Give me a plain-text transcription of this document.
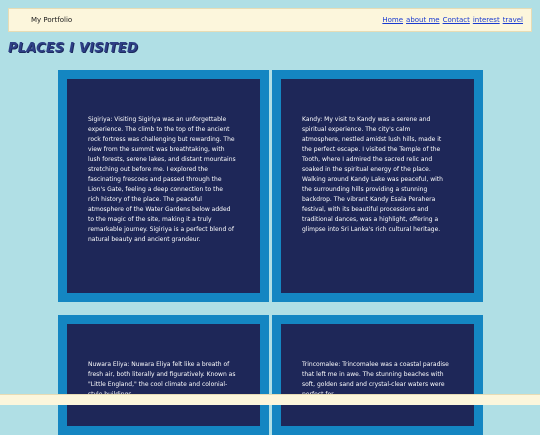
My Portfolio	Home about me Contact interest travel
PLACES I VISITED

Sigiriya: Visiting Sigiriya was an unforgettable experience. The climb to the top of the ancient rock fortress was challenging but rewarding. The view from the summit was breathtaking, with lush forests, serene lakes, and distant mountains stretching out before me. I explored the fascinating frescoes and passed through the Lion's Gate, feeling a deep connection to the rich history of the place. The peaceful atmosphere of the Water Gardens below added to the magic of the site, making it a truly remarkable journey. Sigiriya is a perfect blend of natural beauty and ancient grandeur.

Kandy: My visit to Kandy was a serene and spiritual experience. The city's calm atmosphere, nestled amidst lush hills, made it the perfect escape. I visited the Temple of the Tooth, where I admired the sacred relic and soaked in the spiritual energy of the place. Walking around Kandy Lake was peaceful, with the surrounding hills providing a stunning backdrop. The vibrant Kandy Esala Perahera festival, with its beautiful processions and traditional dances, was a highlight, offering a glimpse into Sri Lanka's rich cultural heritage.

Nuwara Eliya: Nuwara Eliya felt like a breath of fresh air, both literally and figuratively. Known as "Little England," the cool climate and colonial-

Trincomalee: Trincomalee was a coastal paradise that left me in awe. The stunning beaches with soft, golden sand and crystal-clear waters were
